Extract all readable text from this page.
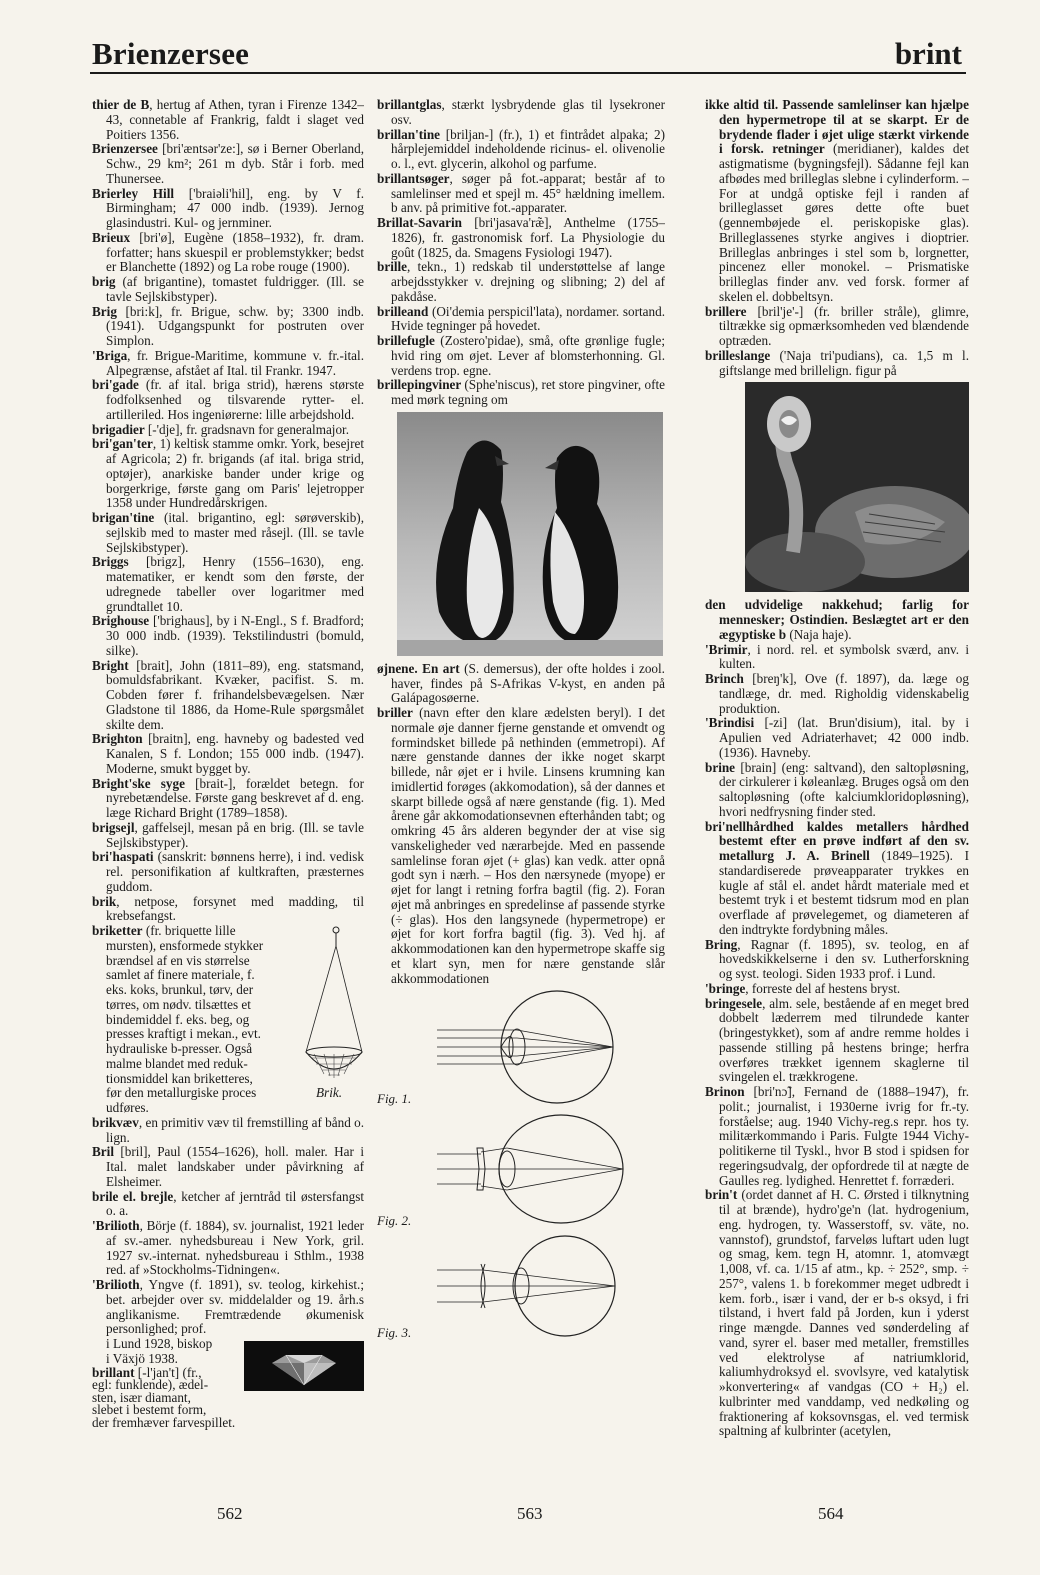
Brienzersee	brint

thier de B, hertug af Athen, tyran i Firenze 1342–43, connetable af Frankrig, faldt i slaget ved Poitiers 1356.

Brienzersee [bri'æntsər'ze:], sø i Berner Oberland, Schw., 29 km²; 261 m dyb. Står i forb. med Thunersee.

Brierley Hill ['braiəli'hil], eng. by V f. Birmingham; 47 000 indb. (1939). Jernog glasindustri. Kul- og jernminer.

Brieux [bri'ø], Eugène (1858–1932), fr. dram. forfatter; hans skuespil er problemstykker; bedst er Blanchette (1892) og La robe rouge (1900).

brig (af brigantine), tomastet fuldrigger. (Ill. se tavle Sejlskibstyper).

Brig [bri:k], fr. Brigue, schw. by; 3300 indb. (1941). Udgangspunkt for postruten over Simplon.

'Briga, fr. Brigue-Maritime, kommune v. fr.-ital. Alpegrænse, afstået af Ital. til Frankr. 1947.

bri'gade (fr. af ital. briga strid), hærens største fodfolksenhed og tilsvarende rytter- el. artilleriled. Hos ingeniørerne: lille arbejdshold.

brigadier [-'dje], fr. gradsnavn for generalmajor.

bri'gan'ter, 1) keltisk stamme omkr. York, besejret af Agricola; 2) fr. brigands (af ital. briga strid, optøjer), anarkiske bander under krige og borgerkrige, første gang om Paris' lejetropper 1358 under Hundredårskrigen.

brigan'tine (ital. brigantino, egl: sørøverskib), sejlskib med to master med råsejl. (Ill. se tavle Sejlskibstyper).

Briggs [brigz], Henry (1556–1630), eng. matematiker, er kendt som den første, der udregnede tabeller over logaritmer med grundtallet 10.

Brighouse ['brighaus], by i N-Engl., S f. Bradford; 30 000 indb. (1939). Tekstilindustri (bomuld, silke).

Bright [brait], John (1811–89), eng. statsmand, bomuldsfabrikant. Kvæker, pacifist. S. m. Cobden fører f. frihandelsbevægelsen. Nær Gladstone til 1886, da Home-Rule spørgsmålet skilte dem.

Brighton [braitn], eng. havneby og badested ved Kanalen, S f. London; 155 000 indb. (1947). Moderne, smukt bygget by.

Bright'ske syge [brait-], forældet betegn. for nyrebetændelse. Første gang beskrevet af d. eng. læge Richard Bright (1789–1858).

brigsejl, gaffelsejl, mesan på en brig. (Ill. se tavle Sejlskibstyper).

bri'haspati (sanskrit: bønnens herre), i ind. vedisk rel. personifikation af kultkraften, præsternes guddom.

brik, netpose, forsynet med madding, til krebsefangst.

briketter (fr. briquette lille

mursten), ensformede stykker

brændsel af en vis størrelse

samlet af finere materiale, f.

eks. koks, brunkul, tørv, der

tørres, om nødv. tilsættes et

bindemiddel f. eks. beg, og

presses kraftigt i mekan., evt.

hydrauliske b-presser. Også

malme blandet med reduk-

tionsmiddel kan briketteres,

før den metallurgiske proces

udføres.

Brik.

brikvæv, en primitiv væv til fremstilling af bånd o. lign.

Bril [bril], Paul (1554–1626), holl. maler. Har i Ital. malet landskaber under påvirkning af Elsheimer.

brile el. brejle, ketcher af jerntråd til østersfangst o. a.

'Brilioth, Börje (f. 1884), sv. journalist, 1921 leder af sv.-amer. nyhedsbureau i New York, gril. 1927 sv.-internat. nyhedsbureau i Sthlm., 1938 red. af »Stockholms-Tidningen«.

'Brilioth, Yngve (f. 1891), sv. teolog, kirkehist.; bet. arbejder over sv. middelalder og 19. årh.s anglikanisme. Fremtrædende økumenisk personlighed; prof.

i Lund 1928, biskop

i Växjö 1938.

brillant [-l'jan't] (fr.,

egl: funklende), ædel-

sten, især diamant,

slebet i bestemt form,

der fremhæver farvespillet.

brillantglas, stærkt lysbrydende glas til lysekroner osv.

brillan'tine [briljan-] (fr.), 1) et fintrådet alpaka; 2) hårplejemiddel indeholdende ricinus- el. olivenolie o. l., evt. glycerin, alkohol og parfume.

brillantsøger, søger på fot.-apparat; består af to samlelinser med et spejl m. 45° hældning imellem. b anv. på primitive fot.-apparater.

Brillat-Savarin [bri'jasava'ræ̃], Anthelme (1755–1826), fr. gastronomisk forf. La Physiologie du goût (1825, da. Smagens Fysiologi 1947).

brille, tekn., 1) redskab til understøttelse af lange arbejdsstykker v. drejning og slibning; 2) del af pakdåse.

brilleand (Oi'demia perspicil'lata), nordamer. sortand. Hvide tegninger på hovedet.

brillefugle (Zostero'pidae), små, ofte grønlige fugle; hvid ring om øjet. Lever af blomsterhonning. Gl. verdens trop. egne.

brillepingviner (Sphe'niscus), ret store pingviner, ofte med mørk tegning om

øjnene. En art (S. demersus), der ofte holdes i zool. haver, findes på S-Afrikas V-kyst, en anden på Galápagosøerne.

briller (navn efter den klare ædelsten beryl). I det normale øje danner fjerne genstande et omvendt og formindsket billede på nethinden (emmetropi). Af nære genstande dannes der ikke noget skarpt billede, når øjet er i hvile. Linsens krumning kan imidlertid forøges (akkomodation), så der dannes et skarpt billede også af nære genstande (fig. 1). Med årene går akkomodationsevnen efterhånden tabt; og omkring 45 års alderen begynder der at vise sig vanskeligheder ved nærarbejde. Med en passende samlelinse foran øjet (+ glas) kan vedk. atter opnå godt syn i nærh. – Hos den nærsynede (myope) er øjet for langt i retning forfra bagtil (fig. 2). Foran øjet må anbringes en spredelinse af passende styrke (÷ glas). Hos den langsynede (hypermetrope) er øjet for kort forfra bagtil (fig. 3). Ved hj. af akkommodationen kan den hypermetrope skaffe sig et klart syn, men for nære genstande slår akkommodationen

Fig. 1.
Fig. 2.
Fig. 3.

ikke altid til. Passende samlelinser kan hjælpe den hypermetrope til at se skarpt. Er de brydende flader i øjet ulige stærkt virkende i forsk. retninger (meridianer), kaldes det astigmatisme (bygningsfejl). Sådanne fejl kan afbødes med brilleglas slebne i cylinderform. – For at undgå optiske fejl i randen af brilleglasset gøres dette ofte buet (gennembøjede el. periskopiske glas). Brilleglassenes styrke angives i dioptrier. Brilleglas anbringes i stel som b, lorgnetter, pincenez eller monokel. – Prismatiske brilleglas finder anv. ved forsk. former af skelen el. dobbeltsyn.

brillere [bril'je'-] (fr. briller stråle), glimre, tiltrække sig opmærksomheden ved blændende optræden.

brilleslange ('Naja tri'pudians), ca. 1,5 m l. giftslange med brillelign. figur på

den udvidelige nakkehud; farlig for mennesker; Ostindien. Beslægtet art er den ægyptiske b (Naja haje).

'Brimir, i nord. rel. et symbolsk sværd, anv. i kulten.

Brinch [breŋ'k], Ove (f. 1897), da. læge og tandlæge, dr. med. Righoldig videnskabelig produktion.

'Brindisi [-zi] (lat. Brun'disium), ital. by i Apulien ved Adriaterhavet; 42 000 indb. (1936). Havneby.

brine [brain] (eng: saltvand), den saltopløsning, der cirkulerer i køleanlæg. Bruges også om den saltopløsning (ofte kalciumkloridopløsning), hvori nedfrysning finder sted.

bri'nellhårdhed kaldes metallers hårdhed bestemt efter en prøve indført af den sv. metallurg J. A. Brinell (1849–1925). I standardiserede prøveapparater trykkes en kugle af stål el. andet hårdt materiale med et bestemt tryk i et bestemt tidsrum mod en plan overflade af prøvelegemet, og diameteren af den indtrykte fordybning måles.

Bring, Ragnar (f. 1895), sv. teolog, en af hovedskikkelserne i den sv. Lutherforskning og syst. teologi. Siden 1933 prof. i Lund.

'bringe, forreste del af hestens bryst.

bringesele, alm. sele, bestående af en meget bred dobbelt læderrem med tilrundede kanter (bringestykket), som af andre remme holdes i passende stilling på hestens bringe; herfra overføres trækket igennem skaglerne til svingelen el. trækkrogene.

Brinon [bri'nɔ̃], Fernand de (1888–1947), fr. polit.; journalist, i 1930erne ivrig for fr.-ty. forståelse; aug. 1940 Vichy-reg.s repr. hos ty. militærkommando i Paris. Fulgte 1944 Vichy-politikerne til Tyskl., hvor B stod i spidsen for regeringsudvalg, der opfordrede til at nægte de Gaulles reg. lydighed. Henrettet f. forræderi.

brin't (ordet dannet af H. C. Ørsted i tilknytning til at brænde), hydro'ge'n (lat. hydrogenium, eng. hydrogen, ty. Wasserstoff, sv. väte, no. vannstof), grundstof, farveløs luftart uden lugt og smag, kem. tegn H, atomnr. 1, atomvægt 1,008, vf. ca. 1/15 af atm., kp. ÷ 252°, smp. ÷ 257°, valens 1. b forekommer meget udbredt i kem. forb., især i vand, der er b-s oksyd, i fri tilstand, i hvert fald på Jorden, kun i yderst ringe mængde. Dannes ved sønderdeling af vand, syrer el. baser med metaller, fremstilles ved elektrolyse af natriumklorid, kaliumhydroksyd el. svovlsyre, ved katalytisk »konvertering« af vandgas (CO + H₂) el. kulbrinter med vanddamp, ved nedkøling og fraktionering af koksovnsgas, el. ved termisk spaltning af kulbrinter (acetylen,

562	563	564
